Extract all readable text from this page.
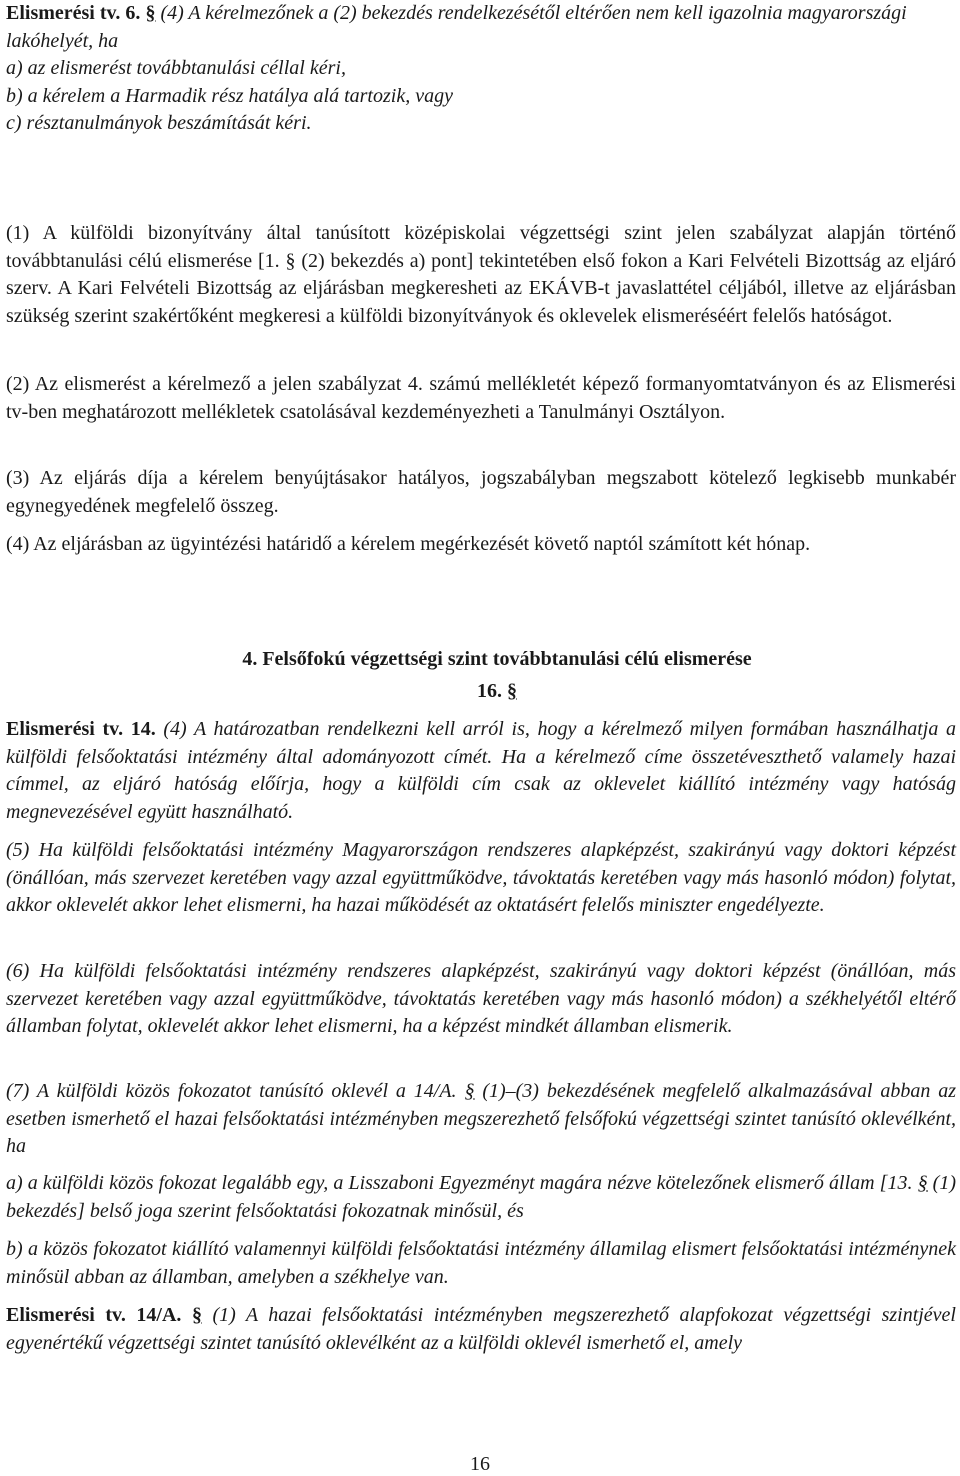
Elismerési tv. 6. § (4) A kérelmezőnek a (2) bekezdés rendelkezésétől eltérően nem kell igazolnia magyarországi lakóhelyét, ha

a) az elismerést továbbtanulási céllal kéri,

b) a kérelem a Harmadik rész hatálya alá tartozik, vagy

c) résztanulmányok beszámítását kéri.

(1) A külföldi bizonyítvány által tanúsított középiskolai végzettségi szint jelen szabályzat alapján történő továbbtanulási célú elismerése [1. § (2) bekezdés a) pont] tekintetében első fokon a Kari Felvételi Bizottság az eljáró szerv. A Kari Felvételi Bizottság az eljárásban megkeresheti az EKÁVB-t javaslattétel céljából, illetve az eljárásban szükség szerint szakértőként megkeresi a külföldi bizonyítványok és oklevelek elismeréséért felelős hatóságot.

(2) Az elismerést a kérelmező a jelen szabályzat 4. számú mellékletét képező formanyomtatványon és az Elismerési tv-ben meghatározott mellékletek csatolásával kezdeményezheti a Tanulmányi Osztályon.

(3) Az eljárás díja a kérelem benyújtásakor hatályos, jogszabályban megszabott kötelező legkisebb munkabér egynegyedének megfelelő összeg.

(4) Az eljárásban az ügyintézési határidő a kérelem megérkezését követő naptól számított két hónap.

4. Felsőfokú végzettségi szint továbbtanulási célú elismerése

16. §

Elismerési tv. 14. (4) A határozatban rendelkezni kell arról is, hogy a kérelmező milyen formában használhatja a külföldi felsőoktatási intézmény által adományozott címét. Ha a kérelmező címe összetéveszthető valamely hazai címmel, az eljáró hatóság előírja, hogy a külföldi cím csak az oklevelet kiállító intézmény vagy hatóság megnevezésével együtt használható.

(5) Ha külföldi felsőoktatási intézmény Magyarországon rendszeres alapképzést, szakirányú vagy doktori képzést (önállóan, más szervezet keretében vagy azzal együttműködve, távoktatás keretében vagy más hasonló módon) folytat, akkor oklevelét akkor lehet elismerni, ha hazai működését az oktatásért felelős miniszter engedélyezte.

(6) Ha külföldi felsőoktatási intézmény rendszeres alapképzést, szakirányú vagy doktori képzést (önállóan, más szervezet keretében vagy azzal együttműködve, távoktatás keretében vagy más hasonló módon) a székhelyétől eltérő államban folytat, oklevelét akkor lehet elismerni, ha a képzést mindkét államban elismerik.

(7) A külföldi közös fokozatot tanúsító oklevél a 14/A. § (1)–(3) bekezdésének megfelelő alkalmazásával abban az esetben ismerhető el hazai felsőoktatási intézményben megszerezhető felsőfokú végzettségi szintet tanúsító oklevélként, ha

a) a külföldi közös fokozat legalább egy, a Lisszaboni Egyezményt magára nézve kötelezőnek elismerő állam [13. § (1) bekezdés] belső joga szerint felsőoktatási fokozatnak minősül, és

b) a közös fokozatot kiállító valamennyi külföldi felsőoktatási intézmény államilag elismert felsőoktatási intézménynek minősül abban az államban, amelyben a székhelye van.

Elismerési tv. 14/A. § (1) A hazai felsőoktatási intézményben megszerezhető alapfokozat végzettségi szintjével egyenértékű végzettségi szintet tanúsító oklevélként az a külföldi oklevél ismerhető el, amely

16
